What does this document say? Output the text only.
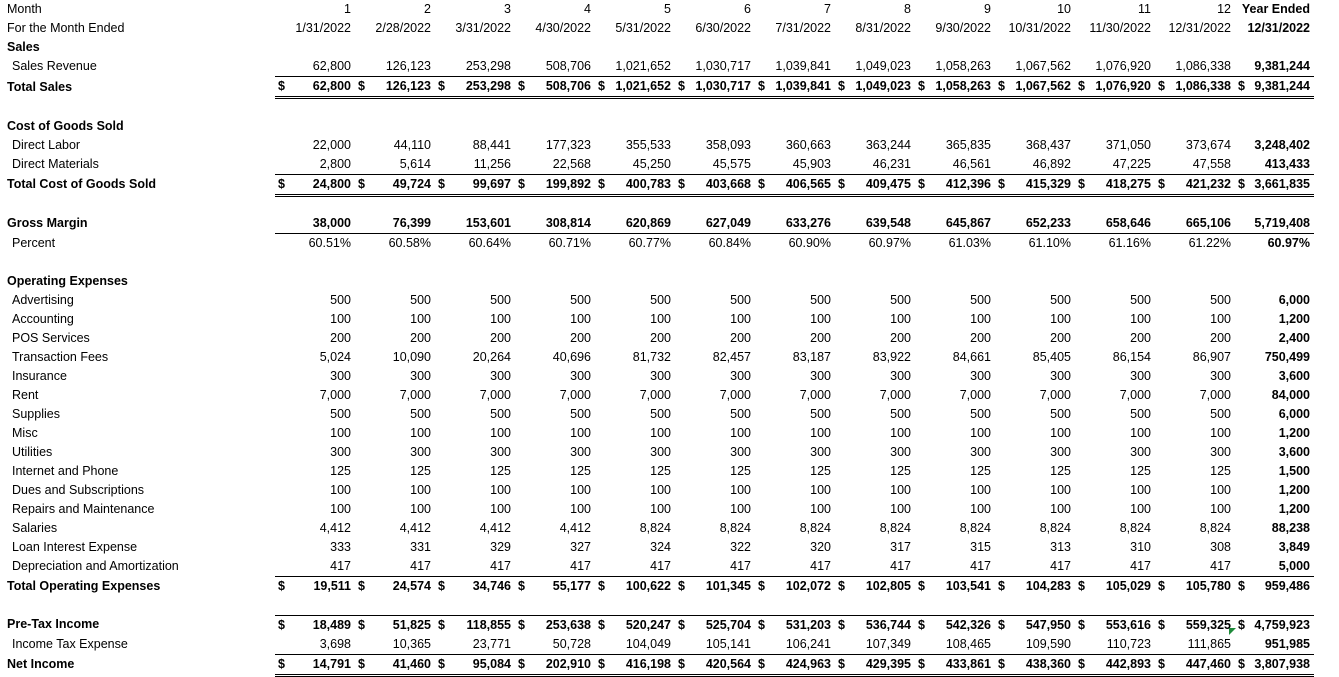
Month	1	2	3	4	5	6	7	8	9	10	11	12	Year Ended
For the Month Ended	1/31/2022	2/28/2022	3/31/2022	4/30/2022	5/31/2022	6/30/2022	7/31/2022	8/31/2022	9/30/2022	10/31/2022	11/30/2022	12/31/2022	12/31/2022
Sales													
Sales Revenue	62,800	126,123	253,298	508,706	1,021,652	1,030,717	1,039,841	1,049,023	1,058,263	1,067,562	1,076,920	1,086,338	9,381,244
Total Sales	$ 62,800	$ 126,123	$ 253,298	$ 508,706	$ 1,021,652	$ 1,030,717	$ 1,039,841	$ 1,049,023	$ 1,058,263	$ 1,067,562	$ 1,076,920	$ 1,086,338	$ 9,381,244

Cost of Goods Sold													
Direct Labor	22,000	44,110	88,441	177,323	355,533	358,093	360,663	363,244	365,835	368,437	371,050	373,674	3,248,402
Direct Materials	2,800	5,614	11,256	22,568	45,250	45,575	45,903	46,231	46,561	46,892	47,225	47,558	413,433
Total Cost of Goods Sold	$ 24,800	$ 49,724	$ 99,697	$ 199,892	$ 400,783	$ 403,668	$ 406,565	$ 409,475	$ 412,396	$ 415,329	$ 418,275	$ 421,232	$ 3,661,835

Gross Margin	38,000	76,399	153,601	308,814	620,869	627,049	633,276	639,548	645,867	652,233	658,646	665,106	5,719,408
Percent	60.51%	60.58%	60.64%	60.71%	60.77%	60.84%	60.90%	60.97%	61.03%	61.10%	61.16%	61.22%	60.97%

Operating Expenses													
Advertising	500	500	500	500	500	500	500	500	500	500	500	500	6,000
Accounting	100	100	100	100	100	100	100	100	100	100	100	100	1,200
POS Services	200	200	200	200	200	200	200	200	200	200	200	200	2,400
Transaction Fees	5,024	10,090	20,264	40,696	81,732	82,457	83,187	83,922	84,661	85,405	86,154	86,907	750,499
Insurance	300	300	300	300	300	300	300	300	300	300	300	300	3,600
Rent	7,000	7,000	7,000	7,000	7,000	7,000	7,000	7,000	7,000	7,000	7,000	7,000	84,000
Supplies	500	500	500	500	500	500	500	500	500	500	500	500	6,000
Misc	100	100	100	100	100	100	100	100	100	100	100	100	1,200
Utilities	300	300	300	300	300	300	300	300	300	300	300	300	3,600
Internet and Phone	125	125	125	125	125	125	125	125	125	125	125	125	1,500
Dues and Subscriptions	100	100	100	100	100	100	100	100	100	100	100	100	1,200
Repairs and Maintenance	100	100	100	100	100	100	100	100	100	100	100	100	1,200
Salaries	4,412	4,412	4,412	4,412	8,824	8,824	8,824	8,824	8,824	8,824	8,824	8,824	88,238
Loan Interest Expense	333	331	329	327	324	322	320	317	315	313	310	308	3,849
Depreciation and Amortization	417	417	417	417	417	417	417	417	417	417	417	417	5,000
Total Operating Expenses	$ 19,511	$ 24,574	$ 34,746	$ 55,177	$ 100,622	$ 101,345	$ 102,072	$ 102,805	$ 103,541	$ 104,283	$ 105,029	$ 105,780	$ 959,486

Pre-Tax Income	$ 18,489	$ 51,825	$ 118,855	$ 253,638	$ 520,247	$ 525,704	$ 531,203	$ 536,744	$ 542,326	$ 547,950	$ 553,616	$ 559,325	$ 4,759,923

Income Tax Expense	3,698	10,365	23,771	50,728	104,049	105,141	106,241	107,349	108,465	109,590	110,723	111,865	951,985
Net Income	$ 14,791	$ 41,460	$ 95,084	$ 202,910	$ 416,198	$ 420,564	$ 424,963	$ 429,395	$ 433,861	$ 438,360	$ 442,893	$ 447,460	$ 3,807,938
